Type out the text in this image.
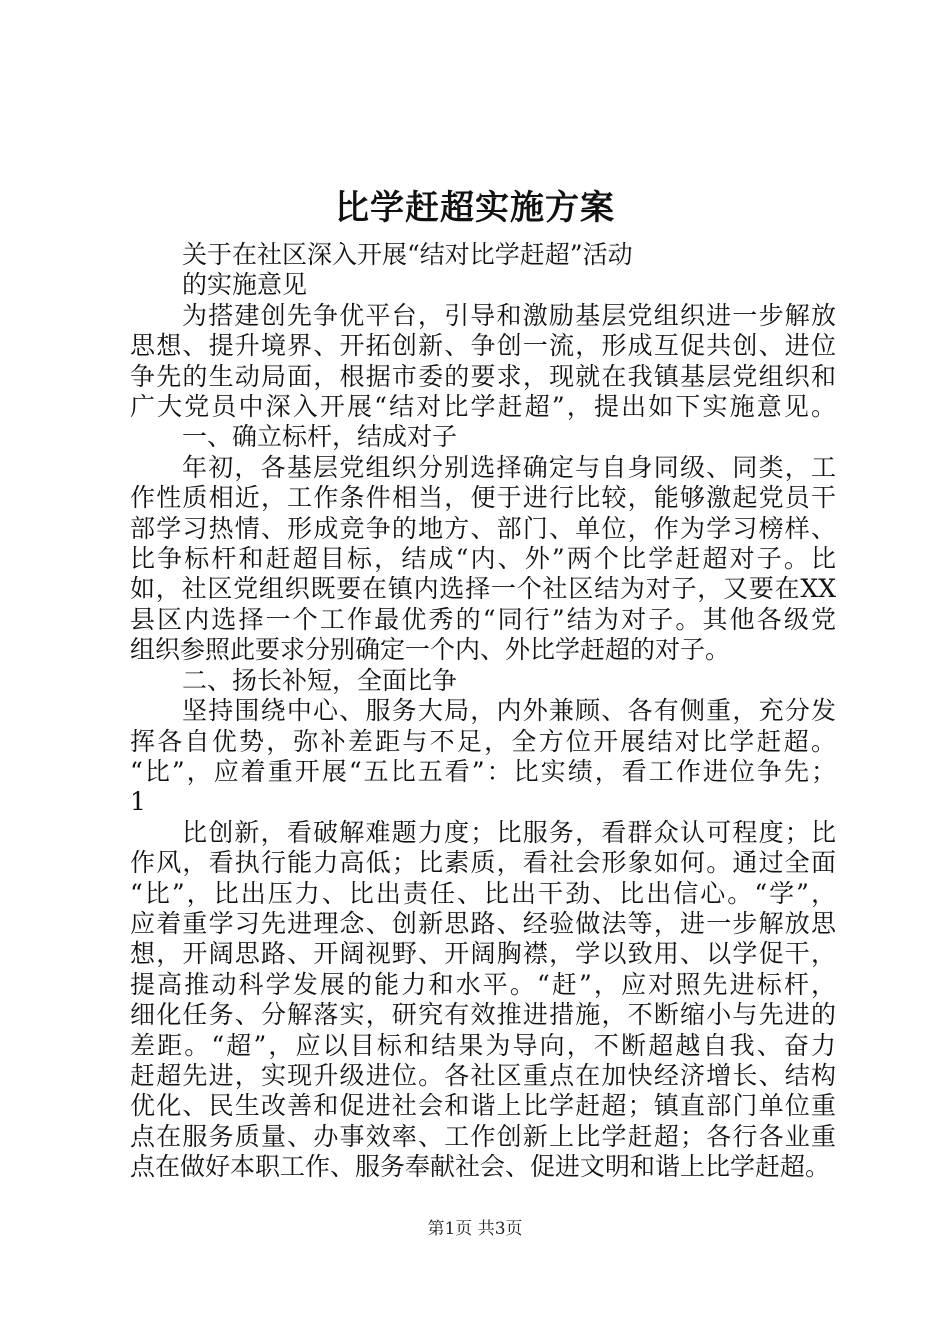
比学赶超实施方案

关于在社区深入开展“结对比学赶超”活动

的实施意见

为搭建创先争优平台，引导和激励基层党组织进一步解放

思想、提升境界、开拓创新、争创一流，形成互促共创、进位

争先的生动局面，根据市委的要求，现就在我镇基层党组织和

广大党员中深入开展“结对比学赶超”，提出如下实施意见。

一、确立标杆，结成对子

年初，各基层党组织分别选择确定与自身同级、同类，工

作性质相近，工作条件相当，便于进行比较，能够激起党员干

部学习热情、形成竞争的地方、部门、单位，作为学习榜样、

比争标杆和赶超目标，结成“内、外”两个比学赶超对子。比

如，社区党组织既要在镇内选择一个社区结为对子，又要在XX

县区内选择一个工作最优秀的“同行”结为对子。其他各级党

组织参照此要求分别确定一个内、外比学赶超的对子。

二、扬长补短，全面比争

坚持围绕中心、服务大局，内外兼顾、各有侧重，充分发

挥各自优势，弥补差距与不足，全方位开展结对比学赶超。

“比”，应着重开展“五比五看”：比实绩，看工作进位争先；

1

比创新，看破解难题力度；比服务，看群众认可程度；比

作风，看执行能力高低；比素质，看社会形象如何。通过全面

“比”，比出压力、比出责任、比出干劲、比出信心。“学”，

应着重学习先进理念、创新思路、经验做法等，进一步解放思

想，开阔思路、开阔视野、开阔胸襟，学以致用、以学促干，

提高推动科学发展的能力和水平。“赶”，应对照先进标杆，

细化任务、分解落实，研究有效推进措施，不断缩小与先进的

差距。“超”，应以目标和结果为导向，不断超越自我、奋力

赶超先进，实现升级进位。各社区重点在加快经济增长、结构

优化、民生改善和促进社会和谐上比学赶超；镇直部门单位重

点在服务质量、办事效率、工作创新上比学赶超；各行各业重

点在做好本职工作、服务奉献社会、促进文明和谐上比学赶超。

第1页 共3页
